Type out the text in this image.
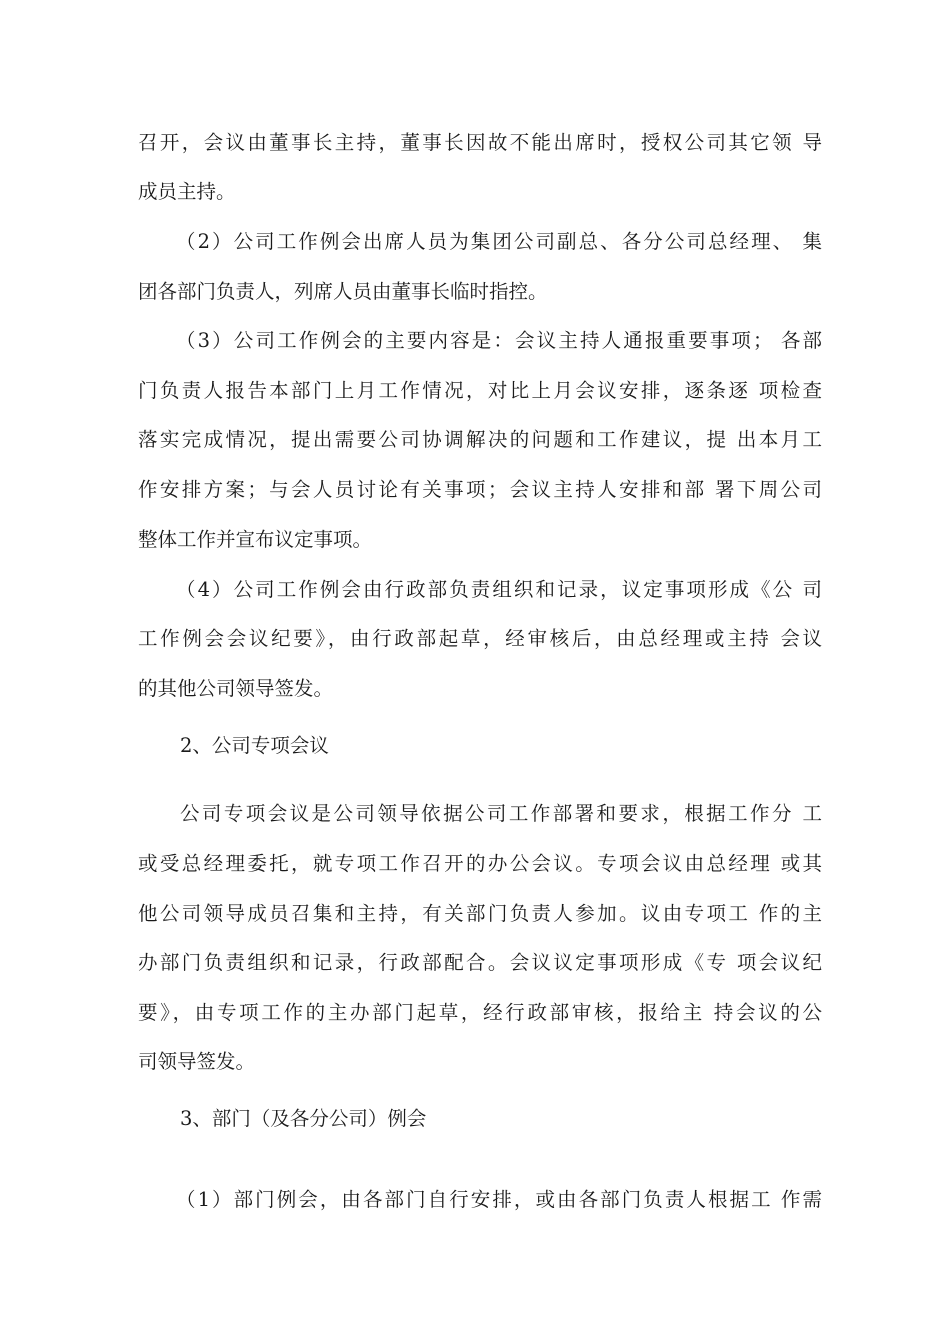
召开，会议由董事长主持，董事长因故不能出席时，授权公司其它领 导
成员主持。
（2）公司工作例会出席人员为集团公司副总、各分公司总经理、 集
团各部门负责人，列席人员由董事长临时指控。
（3）公司工作例会的主要内容是：会议主持人通报重要事项； 各部
门负责人报告本部门上月工作情况，对比上月会议安排，逐条逐 项检查
落实完成情况，提出需要公司协调解决的问题和工作建议，提 出本月工
作安排方案；与会人员讨论有关事项；会议主持人安排和部 署下周公司
整体工作并宣布议定事项。
（4）公司工作例会由行政部负责组织和记录，议定事项形成《公 司
工作例会会议纪要》，由行政部起草，经审核后，由总经理或主持 会议
的其他公司领导签发。
2、公司专项会议
公司专项会议是公司领导依据公司工作部署和要求，根据工作分 工
或受总经理委托，就专项工作召开的办公会议。专项会议由总经理 或其
他公司领导成员召集和主持，有关部门负责人参加。议由专项工 作的主
办部门负责组织和记录，行政部配合。会议议定事项形成《专 项会议纪
要》，由专项工作的主办部门起草，经行政部审核，报给主 持会议的公
司领导签发。
3、部门（及各分公司）例会
（1）部门例会，由各部门自行安排，或由各部门负责人根据工 作需
